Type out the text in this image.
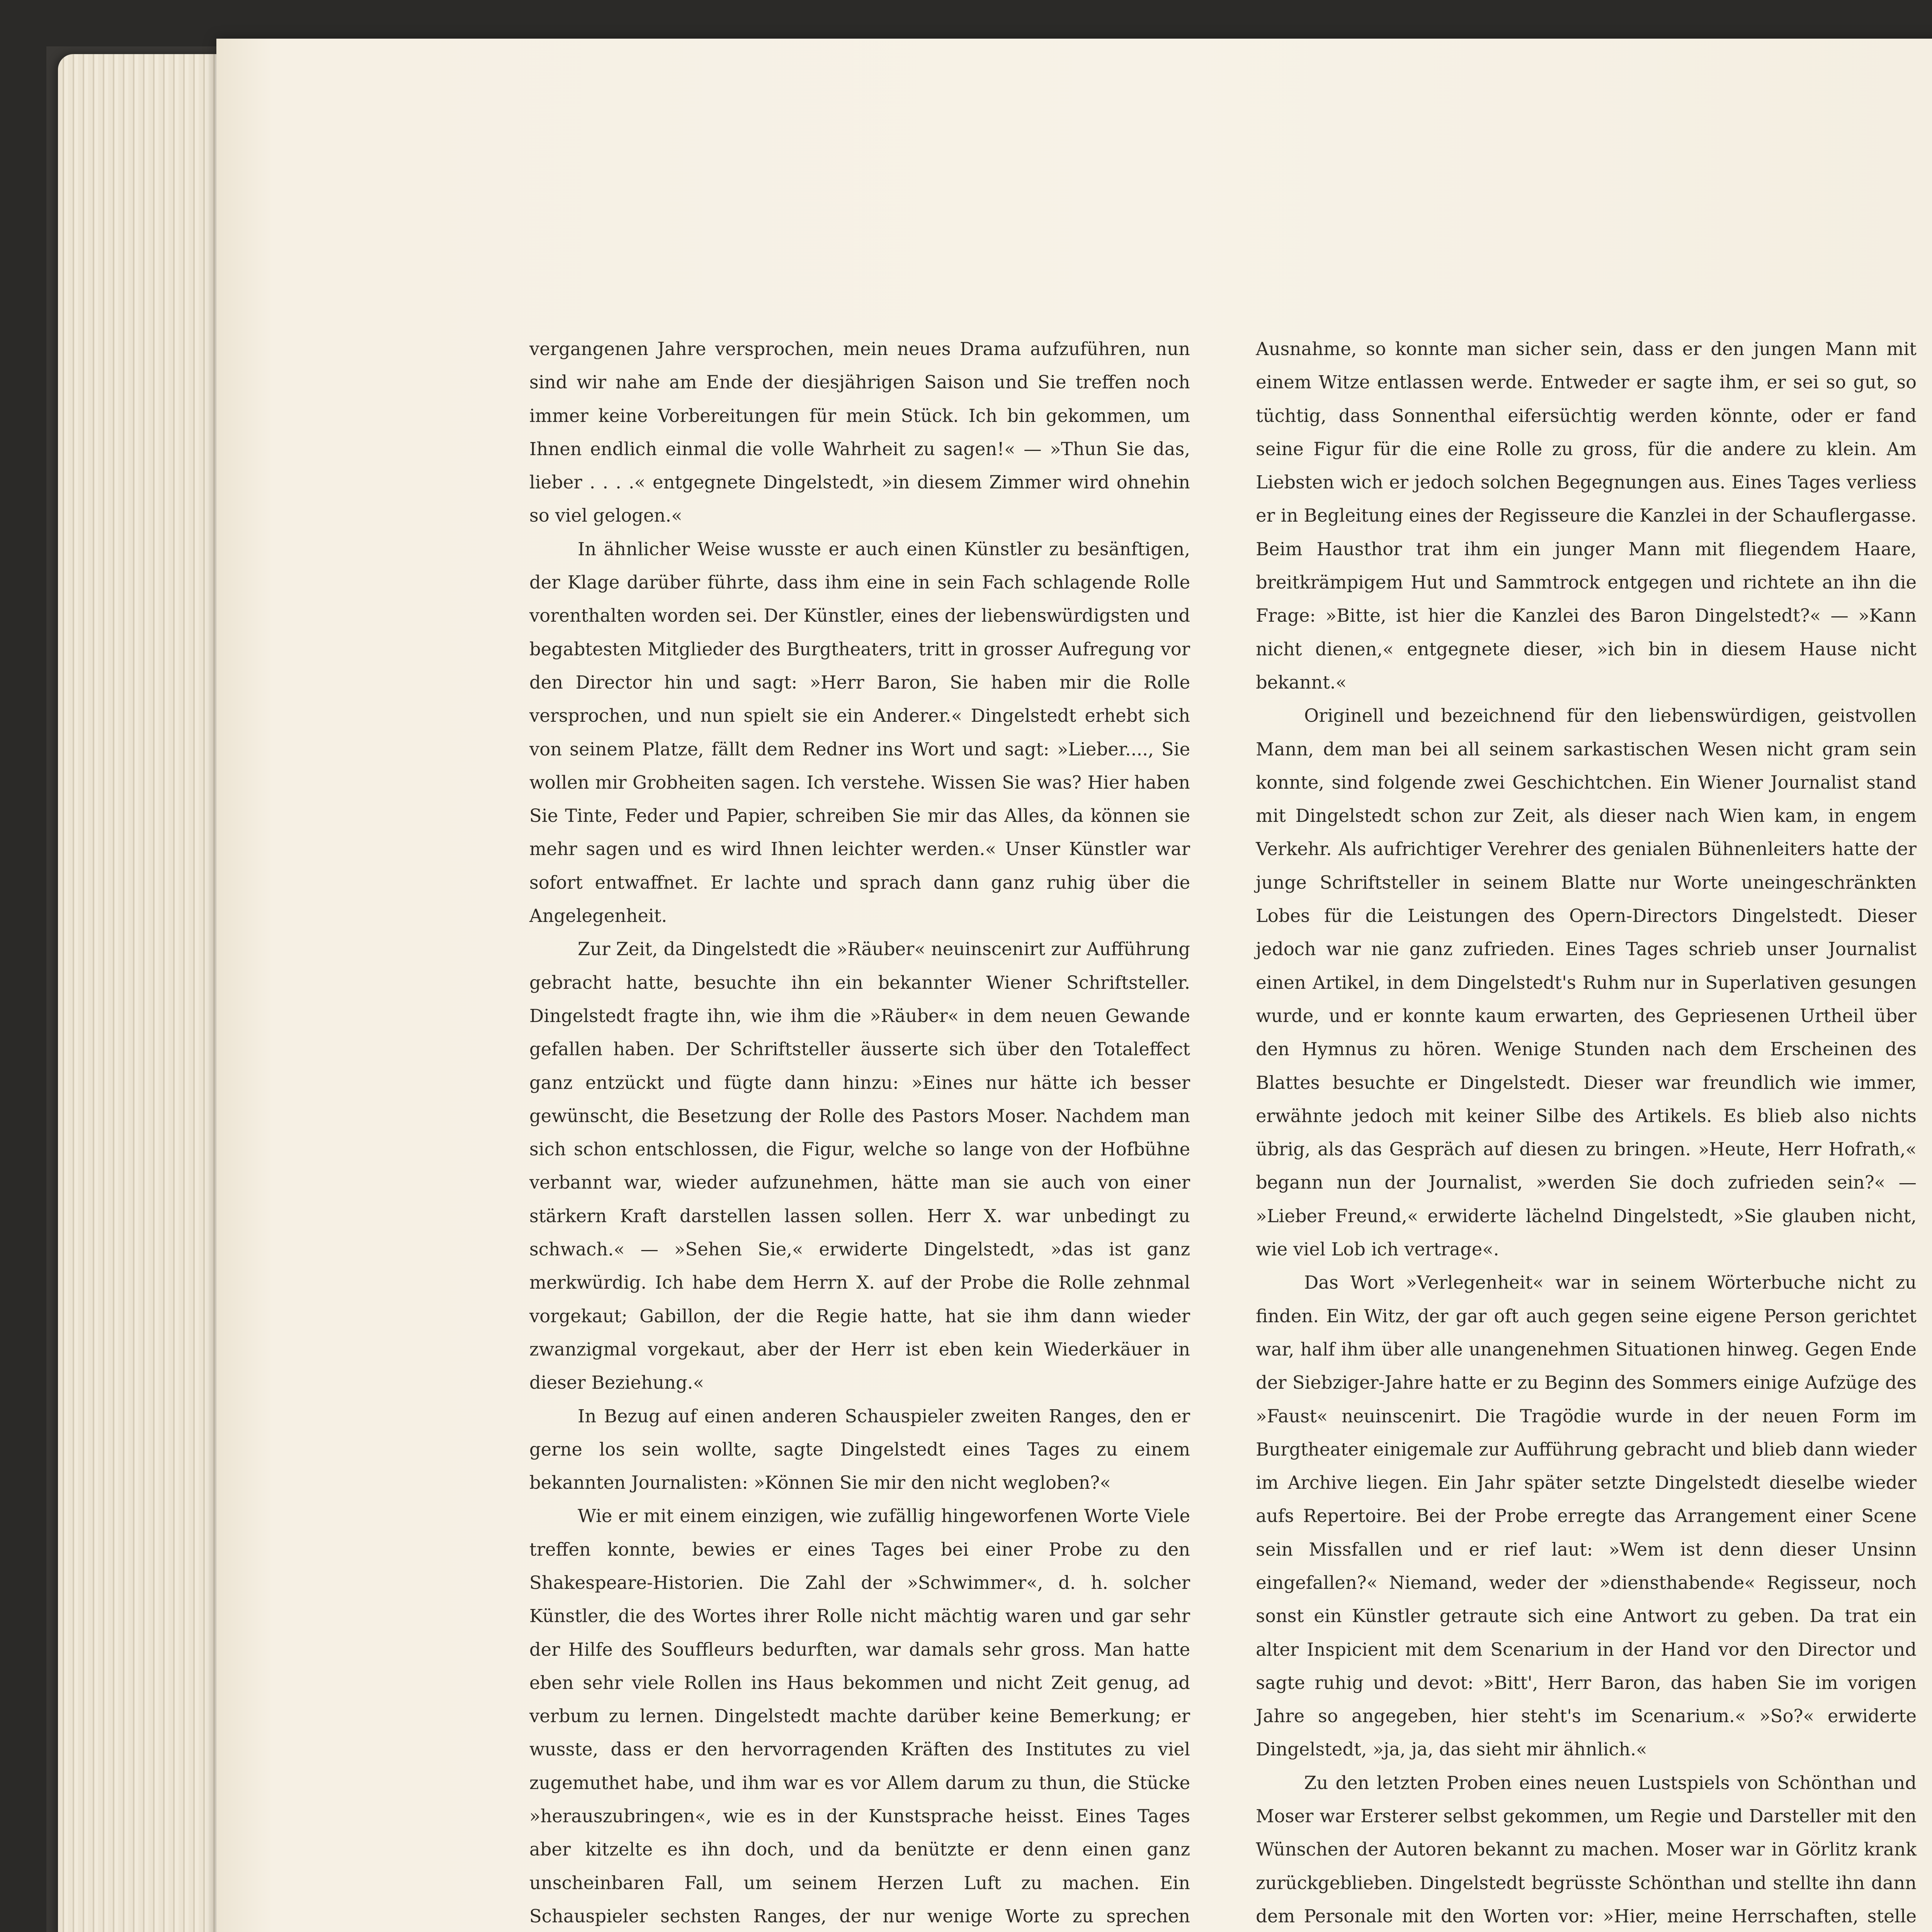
vergangenen Jahre versprochen, mein neues Drama aufzuführen, nun sind wir nahe am Ende der diesjährigen Saison und Sie treffen noch immer keine Vorbereitungen für mein Stück. Ich bin gekommen, um Ihnen endlich einmal die volle Wahrheit zu sagen!« — »Thun Sie das, lieber . . . .« entgegnete Dingelstedt, »in diesem Zimmer wird ohnehin so viel gelogen.«

In ähnlicher Weise wusste er auch einen Künstler zu besänftigen, der Klage darüber führte, dass ihm eine in sein Fach schlagende Rolle vorenthalten worden sei. Der Künstler, eines der liebenswürdigsten und begabtesten Mitglieder des Burgtheaters, tritt in grosser Aufregung vor den Director hin und sagt: »Herr Baron, Sie haben mir die Rolle versprochen, und nun spielt sie ein Anderer.« Dingelstedt erhebt sich von seinem Platze, fällt dem Redner ins Wort und sagt: »Lieber...., Sie wollen mir Grobheiten sagen. Ich verstehe. Wissen Sie was? Hier haben Sie Tinte, Feder und Papier, schreiben Sie mir das Alles, da können sie mehr sagen und es wird Ihnen leichter werden.« Unser Künstler war sofort entwaffnet. Er lachte und sprach dann ganz ruhig über die Angelegenheit.

Zur Zeit, da Dingelstedt die »Räuber« neuinscenirt zur Aufführung gebracht hatte, besuchte ihn ein bekannter Wiener Schriftsteller. Dingelstedt fragte ihn, wie ihm die »Räuber« in dem neuen Gewande gefallen haben. Der Schriftsteller äusserte sich über den Totaleffect ganz entzückt und fügte dann hinzu: »Eines nur hätte ich besser gewünscht, die Besetzung der Rolle des Pastors Moser. Nachdem man sich schon entschlossen, die Figur, welche so lange von der Hofbühne verbannt war, wieder aufzunehmen, hätte man sie auch von einer stärkern Kraft darstellen lassen sollen. Herr X. war unbedingt zu schwach.« — »Sehen Sie,« erwiderte Dingelstedt, »das ist ganz merkwürdig. Ich habe dem Herrn X. auf der Probe die Rolle zehnmal vorgekaut; Gabillon, der die Regie hatte, hat sie ihm dann wieder zwanzigmal vorgekaut, aber der Herr ist eben kein Wiederkäuer in dieser Beziehung.«

In Bezug auf einen anderen Schauspieler zweiten Ranges, den er gerne los sein wollte, sagte Dingelstedt eines Tages zu einem bekannten Journalisten: »Können Sie mir den nicht wegloben?«

Wie er mit einem einzigen, wie zufällig hingeworfenen Worte Viele treffen konnte, bewies er eines Tages bei einer Probe zu den Shakespeare-Historien. Die Zahl der »Schwimmer«, d. h. solcher Künstler, die des Wortes ihrer Rolle nicht mächtig waren und gar sehr der Hilfe des Souffleurs bedurften, war damals sehr gross. Man hatte eben sehr viele Rollen ins Haus bekommen und nicht Zeit genug, ad verbum zu lernen. Dingelstedt machte darüber keine Bemerkung; er wusste, dass er den hervorragenden Kräften des Institutes zu viel zugemuthet habe, und ihm war es vor Allem darum zu thun, die Stücke »herauszubringen«, wie es in der Kunstsprache heisst. Eines Tages aber kitzelte es ihn doch, und da benützte er denn einen ganz unscheinbaren Fall, um seinem Herzen Luft zu machen. Ein Schauspieler sechsten Ranges, der nur wenige Worte zu sprechen

Ausnahme, so konnte man sicher sein, dass er den jungen Mann mit einem Witze entlassen werde. Entweder er sagte ihm, er sei so gut, so tüchtig, dass Sonnenthal eifersüchtig werden könnte, oder er fand seine Figur für die eine Rolle zu gross, für die andere zu klein. Am Liebsten wich er jedoch solchen Begegnungen aus. Eines Tages verliess er in Begleitung eines der Regisseure die Kanzlei in der Schauflergasse. Beim Hausthor trat ihm ein junger Mann mit fliegendem Haare, breitkrämpigem Hut und Sammtrock entgegen und richtete an ihn die Frage: »Bitte, ist hier die Kanzlei des Baron Dingelstedt?« — »Kann nicht dienen,« entgegnete dieser, »ich bin in diesem Hause nicht bekannt.«

Originell und bezeichnend für den liebenswürdigen, geistvollen Mann, dem man bei all seinem sarkastischen Wesen nicht gram sein konnte, sind folgende zwei Geschichtchen. Ein Wiener Journalist stand mit Dingelstedt schon zur Zeit, als dieser nach Wien kam, in engem Verkehr. Als aufrichtiger Verehrer des genialen Bühnenleiters hatte der junge Schriftsteller in seinem Blatte nur Worte uneingeschränkten Lobes für die Leistungen des Opern-Directors Dingelstedt. Dieser jedoch war nie ganz zufrieden. Eines Tages schrieb unser Journalist einen Artikel, in dem Dingelstedt's Ruhm nur in Superlativen gesungen wurde, und er konnte kaum erwarten, des Gepriesenen Urtheil über den Hymnus zu hören. Wenige Stunden nach dem Erscheinen des Blattes besuchte er Dingelstedt. Dieser war freundlich wie immer, erwähnte jedoch mit keiner Silbe des Artikels. Es blieb also nichts übrig, als das Gespräch auf diesen zu bringen. »Heute, Herr Hofrath,« begann nun der Journalist, »werden Sie doch zufrieden sein?« — »Lieber Freund,« erwiderte lächelnd Dingelstedt, »Sie glauben nicht, wie viel Lob ich vertrage«.

Das Wort »Verlegenheit« war in seinem Wörterbuche nicht zu finden. Ein Witz, der gar oft auch gegen seine eigene Person gerichtet war, half ihm über alle unangenehmen Situationen hinweg. Gegen Ende der Siebziger-Jahre hatte er zu Beginn des Sommers einige Aufzüge des »Faust« neuinscenirt. Die Tragödie wurde in der neuen Form im Burgtheater einigemale zur Aufführung gebracht und blieb dann wieder im Archive liegen. Ein Jahr später setzte Dingelstedt dieselbe wieder aufs Repertoire. Bei der Probe erregte das Arrangement einer Scene sein Missfallen und er rief laut: »Wem ist denn dieser Unsinn eingefallen?« Niemand, weder der »diensthabende« Regisseur, noch sonst ein Künstler getraute sich eine Antwort zu geben. Da trat ein alter Inspicient mit dem Scenarium in der Hand vor den Director und sagte ruhig und devot: »Bitt', Herr Baron, das haben Sie im vorigen Jahre so angegeben, hier steht's im Scenarium.« »So?« erwiderte Dingelstedt, »ja, ja, das sieht mir ähnlich.«

Zu den letzten Proben eines neuen Lustspiels von Schönthan und Moser war Ersterer selbst gekommen, um Regie und Darsteller mit den Wünschen der Autoren bekannt zu machen. Moser war in Görlitz krank zurückgeblieben. Dingelstedt begrüsste Schönthan und stellte ihn dann dem Personale mit den Worten vor: »Hier, meine Herrschaften, stelle
